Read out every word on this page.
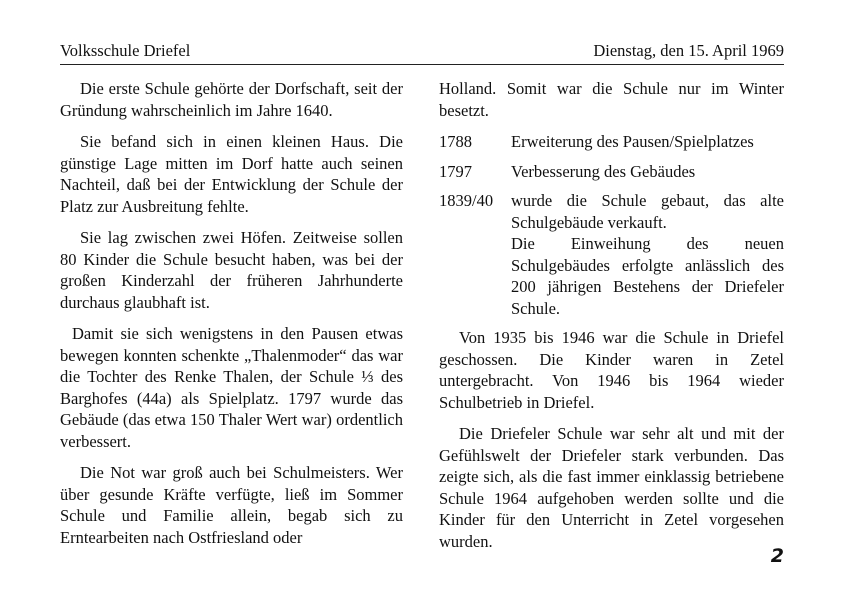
Volksschule Driefel	Dienstag, den 15. April 1969

Die erste Schule gehörte der Dorfschaft, seit der Gründung wahrscheinlich im Jahre 1640.

Sie befand sich in einen kleinen Haus. Die günstige Lage mitten im Dorf hatte auch seinen Nachteil, daß bei der Entwicklung der Schule der Platz zur Ausbreitung fehlte.

Sie lag zwischen zwei Höfen. Zeitweise sollen 80 Kinder die Schule besucht haben, was bei der großen Kinderzahl der früheren Jahrhunderte durchaus glaubhaft ist.

Damit sie sich wenigstens in den Pausen etwas bewegen konnten schenkte „Thalenmoder“ das war die Tochter des Renke Thalen, der Schule ⅓ des Barghofes (44a) als Spielplatz. 1797 wurde das Gebäude (das etwa 150 Thaler Wert war) ordentlich verbessert.

Die Not war groß auch bei Schulmeisters. Wer über gesunde Kräfte verfügte, ließ im Sommer Schule und Familie allein, begab sich zu Erntearbeiten nach Ostfriesland oder

Holland. Somit war die Schule nur im Winter besetzt.

1788	Erweiterung des Pausen/Spielplatzes
1797	Verbesserung des Gebäudes
1839/40	wurde die Schule gebaut, das alte Schulgebäude verkauft.
Die Einweihung des neuen Schulgebäudes erfolgte anlässlich des 200 jährigen Bestehens der Driefeler Schule.

Von 1935 bis 1946 war die Schule in Driefel geschossen. Die Kinder waren in Zetel untergebracht. Von 1946 bis 1964 wieder Schulbetrieb in Driefel.

Die Driefeler Schule war sehr alt und mit der Gefühlswelt der Driefeler stark verbunden. Das zeigte sich, als die fast immer einklassig betriebene Schule 1964 aufgehoben werden sollte und die Kinder für den Unterricht in Zetel vorgesehen wurden.

2
